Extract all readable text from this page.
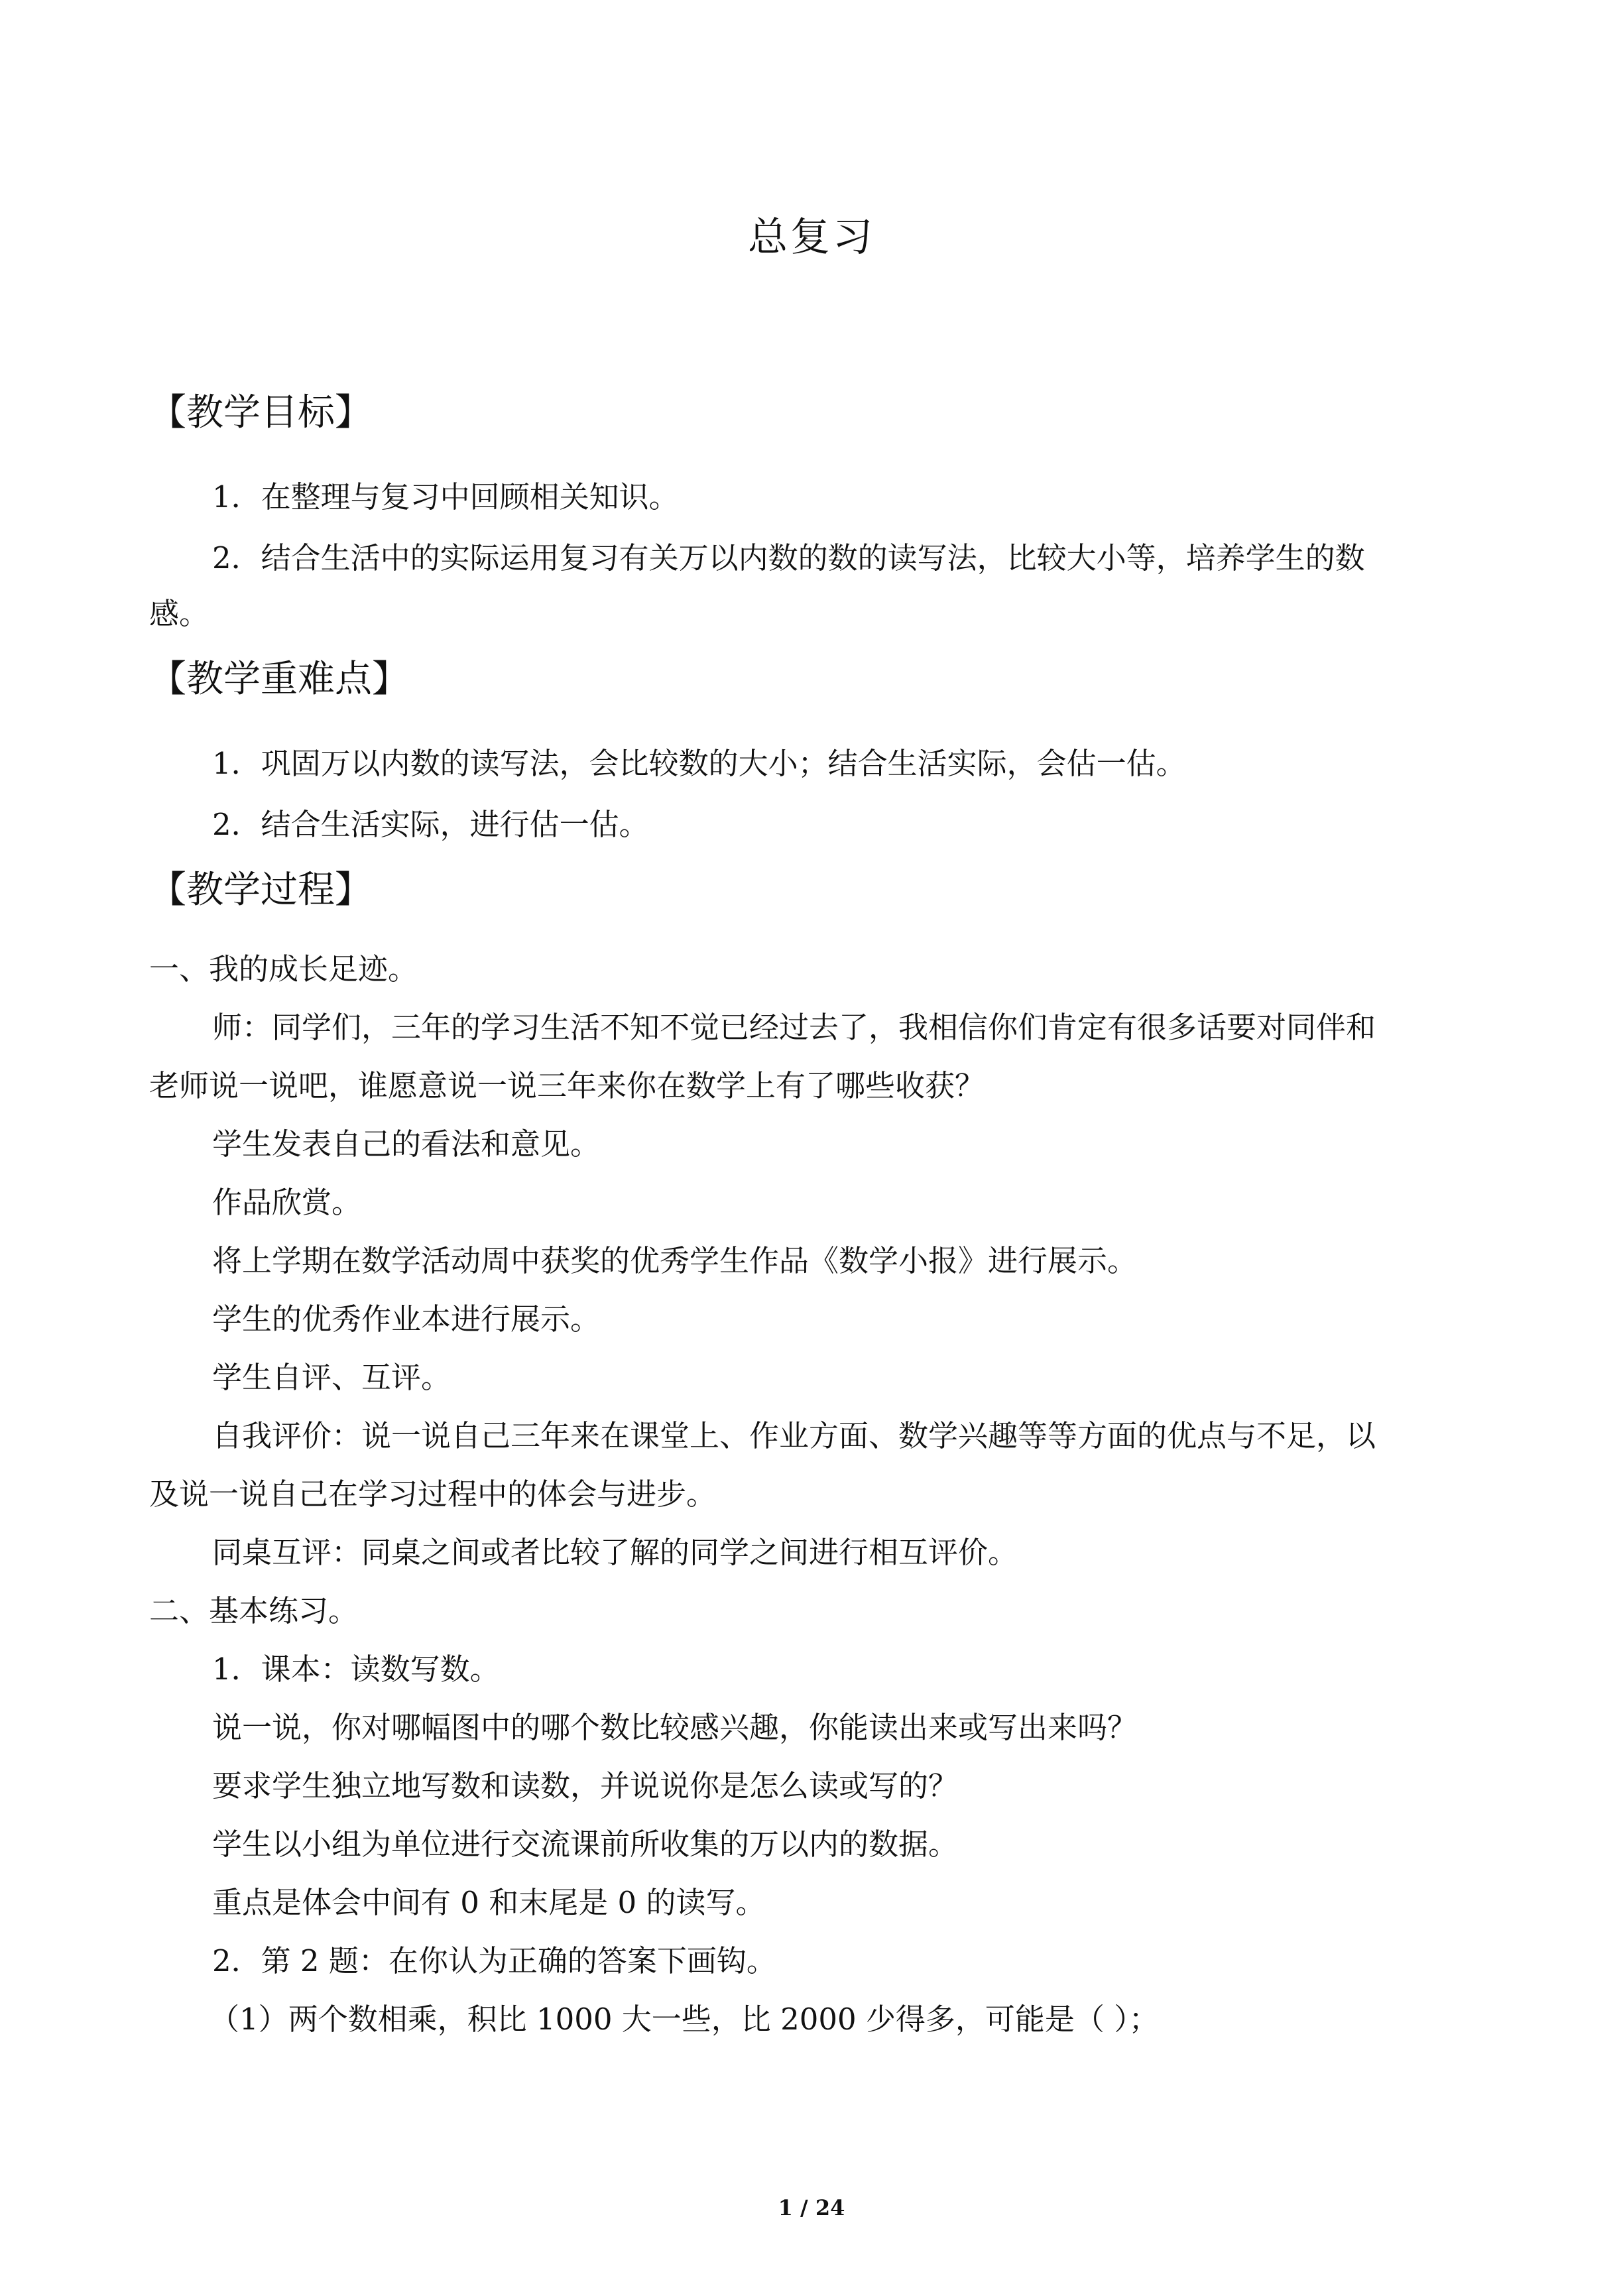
总复习
【教学目标】
1．在整理与复习中回顾相关知识。
2．结合生活中的实际运用复习有关万以内数的数的读写法，比较大小等，培养学生的数
感。
【教学重难点】
1．巩固万以内数的读写法，会比较数的大小；结合生活实际，会估一估。
2．结合生活实际，进行估一估。
【教学过程】
一、我的成长足迹。
师：同学们，三年的学习生活不知不觉已经过去了，我相信你们肯定有很多话要对同伴和
老师说一说吧，谁愿意说一说三年来你在数学上有了哪些收获？
学生发表自己的看法和意见。
作品欣赏。
将上学期在数学活动周中获奖的优秀学生作品《数学小报》进行展示。
学生的优秀作业本进行展示。
学生自评、互评。
自我评价：说一说自己三年来在课堂上、作业方面、数学兴趣等等方面的优点与不足，以
及说一说自己在学习过程中的体会与进步。
同桌互评：同桌之间或者比较了解的同学之间进行相互评价。
二、基本练习。
1．课本：读数写数。
说一说，你对哪幅图中的哪个数比较感兴趣，你能读出来或写出来吗？
要求学生独立地写数和读数，并说说你是怎么读或写的？
学生以小组为单位进行交流课前所收集的万以内的数据。
重点是体会中间有 0 和末尾是 0 的读写。
2．第 2 题：在你认为正确的答案下画钩。
（1）两个数相乘，积比 1000 大一些，比 2000 少得多，可能是（ ）；
1 / 24
